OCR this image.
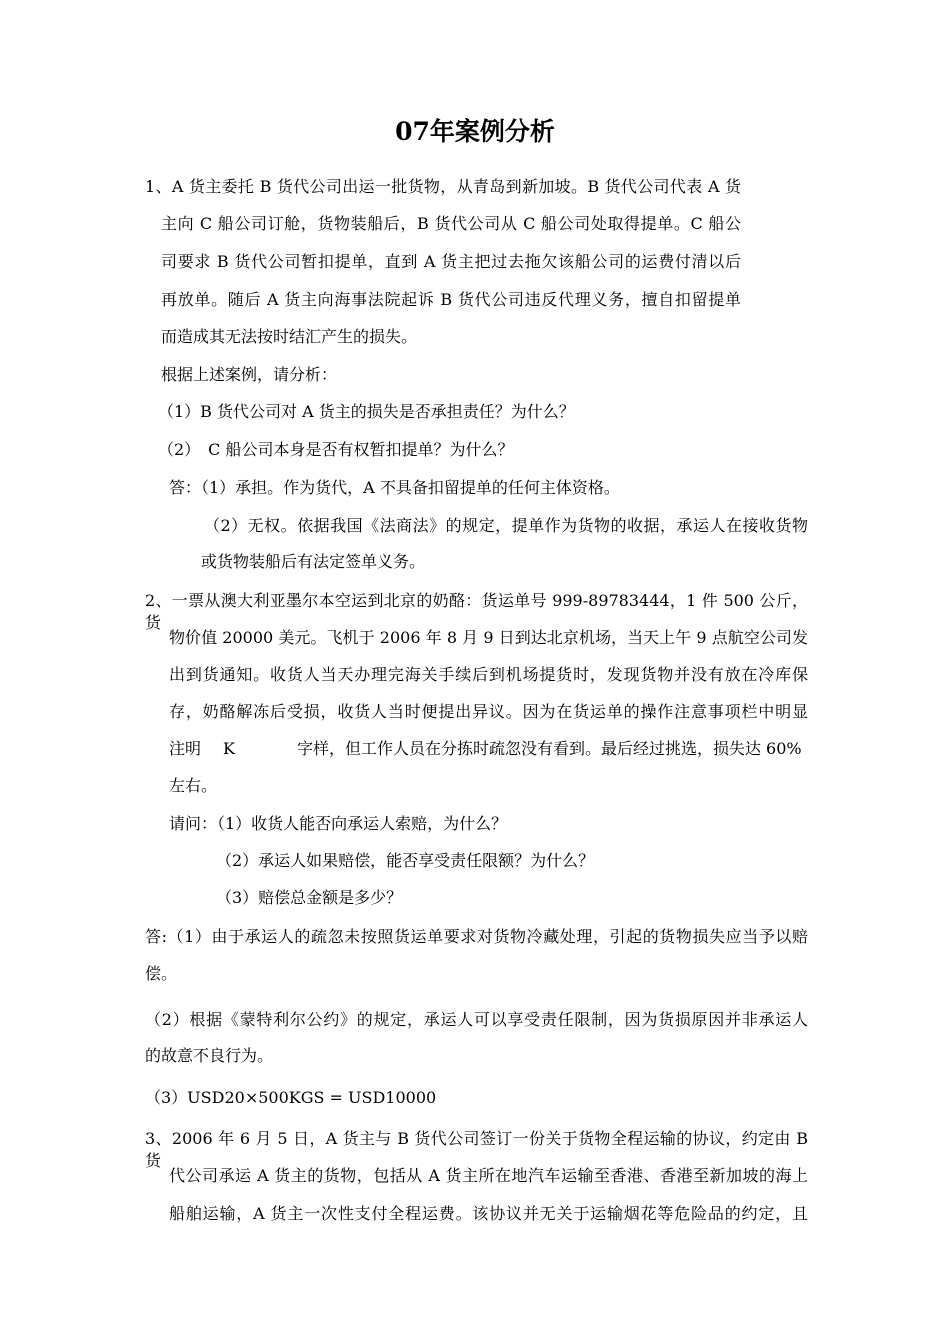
07年案例分析
1、A 货主委托 B 货代公司出运一批货物，从青岛到新加坡。B 货代公司代表 A 货
主向 C 船公司订舱，货物装船后，B 货代公司从 C 船公司处取得提单。C 船公
司要求 B 货代公司暂扣提单，直到 A 货主把过去拖欠该船公司的运费付清以后
再放单。随后 A 货主向海事法院起诉 B 货代公司违反代理义务，擅自扣留提单
而造成其无法按时结汇产生的损失。
根据上述案例，请分析：
（1）B 货代公司对 A 货主的损失是否承担责任？为什么？
（2）　C 船公司本身是否有权暂扣提单？为什么？
答：（1）承担。作为货代，A 不具备扣留提单的任何主体资格。
（2）无权。依据我国《法商法》的规定，提单作为货物的收据，承运人在接收货物
或货物装船后有法定签单义务。
2、一票从澳大利亚墨尔本空运到北京的奶酪：货运单号 999-89783444，1 件 500 公斤，货
物价值 20000 美元。飞机于 2006 年 8 月 9 日到达北京机场，当天上午 9 点航空公司发
出到货通知。收货人当天办理完海关手续后到机场提货时，发现货物并没有放在冷库保
存，奶酪解冻后受损，收货人当时便提出异议。因为在货运单的操作注意事项栏中明显
注明 K	字样，但工作人员在分拣时疏忽没有看到。最后经过挑选，损失达 60%
左右。
请问：（1）收货人能否向承运人索赔，为什么？
（2）承运人如果赔偿，能否享受责任限额？为什么？
（3）赔偿总金额是多少？
答:（1）由于承运人的疏忽未按照货运单要求对货物冷藏处理，引起的货物损失应当予以赔
偿。
（2）根据《蒙特利尔公约》的规定，承运人可以享受责任限制，因为货损原因并非承运人
的故意不良行为。
（3）USD20×500KGS = USD10000
3、2006 年 6 月 5 日，A 货主与 B 货代公司签订一份关于货物全程运输的协议，约定由 B 货
代公司承运 A 货主的货物，包括从 A 货主所在地汽车运输至香港、香港至新加坡的海上
船舶运输，A 货主一次性支付全程运费。该协议并无关于运输烟花等危险品的约定，且
